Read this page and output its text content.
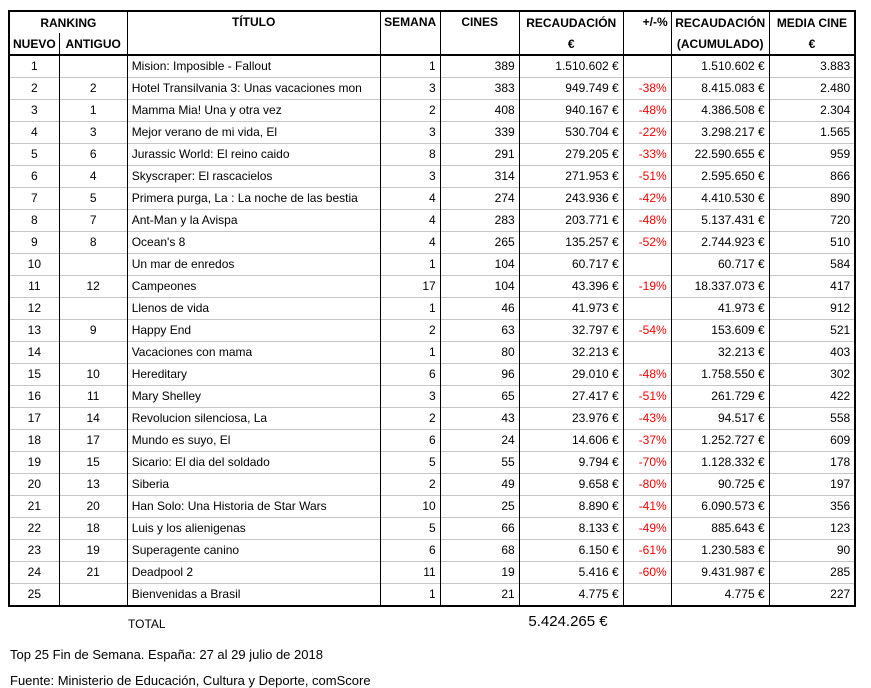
RANKING		TÍTULO	SEMANA	CINES	RECAUDACIÓN	+/-%	RECAUDACIÓN	MEDIA CINE
NUEVO	ANTIGUO				€		(ACUMULADO)	€
1		Mision: Imposible - Fallout	1	389	1.510.602 €		1.510.602 €	3.883
2	2	Hotel Transilvania 3: Unas vacaciones mon	3	383	949.749 €	-38%	8.415.083 €	2.480
3	1	Mamma Mia! Una y otra vez	2	408	940.167 €	-48%	4.386.508 €	2.304
4	3	Mejor verano de mi vida, El	3	339	530.704 €	-22%	3.298.217 €	1.565
5	6	Jurassic World: El reino caido	8	291	279.205 €	-33%	22.590.655 €	959
6	4	Skyscraper: El rascacielos	3	314	271.953 €	-51%	2.595.650 €	866
7	5	Primera purga, La : La noche de las bestia	4	274	243.936 €	-42%	4.410.530 €	890
8	7	Ant-Man y la Avispa	4	283	203.771 €	-48%	5.137.431 €	720
9	8	Ocean's 8	4	265	135.257 €	-52%	2.744.923 €	510
10		Un mar de enredos	1	104	60.717 €		60.717 €	584
11	12	Campeones	17	104	43.396 €	-19%	18.337.073 €	417
12		Llenos de vida	1	46	41.973 €		41.973 €	912
13	9	Happy End	2	63	32.797 €	-54%	153.609 €	521
14		Vacaciones con mama	1	80	32.213 €		32.213 €	403
15	10	Hereditary	6	96	29.010 €	-48%	1.758.550 €	302
16	11	Mary Shelley	3	65	27.417 €	-51%	261.729 €	422
17	14	Revolucion silenciosa, La	2	43	23.976 €	-43%	94.517 €	558
18	17	Mundo es suyo, El	6	24	14.606 €	-37%	1.252.727 €	609
19	15	Sicario: El dia del soldado	5	55	9.794 €	-70%	1.128.332 €	178
20	13	Siberia	2	49	9.658 €	-80%	90.725 €	197
21	20	Han Solo: Una Historia de Star Wars	10	25	8.890 €	-41%	6.090.573 €	356
22	18	Luis y los alienigenas	5	66	8.133 €	-49%	885.643 €	123
23	19	Superagente canino	6	68	6.150 €	-61%	1.230.583 €	90
24	21	Deadpool 2	11	19	5.416 €	-60%	9.431.987 €	285
25		Bienvenidas a Brasil	1	21	4.775 €		4.775 €	227
TOTAL	5.424.265 €
Top 25 Fin de Semana. España: 27 al 29 julio de 2018
Fuente: Ministerio de Educación, Cultura y Deporte, comScore
